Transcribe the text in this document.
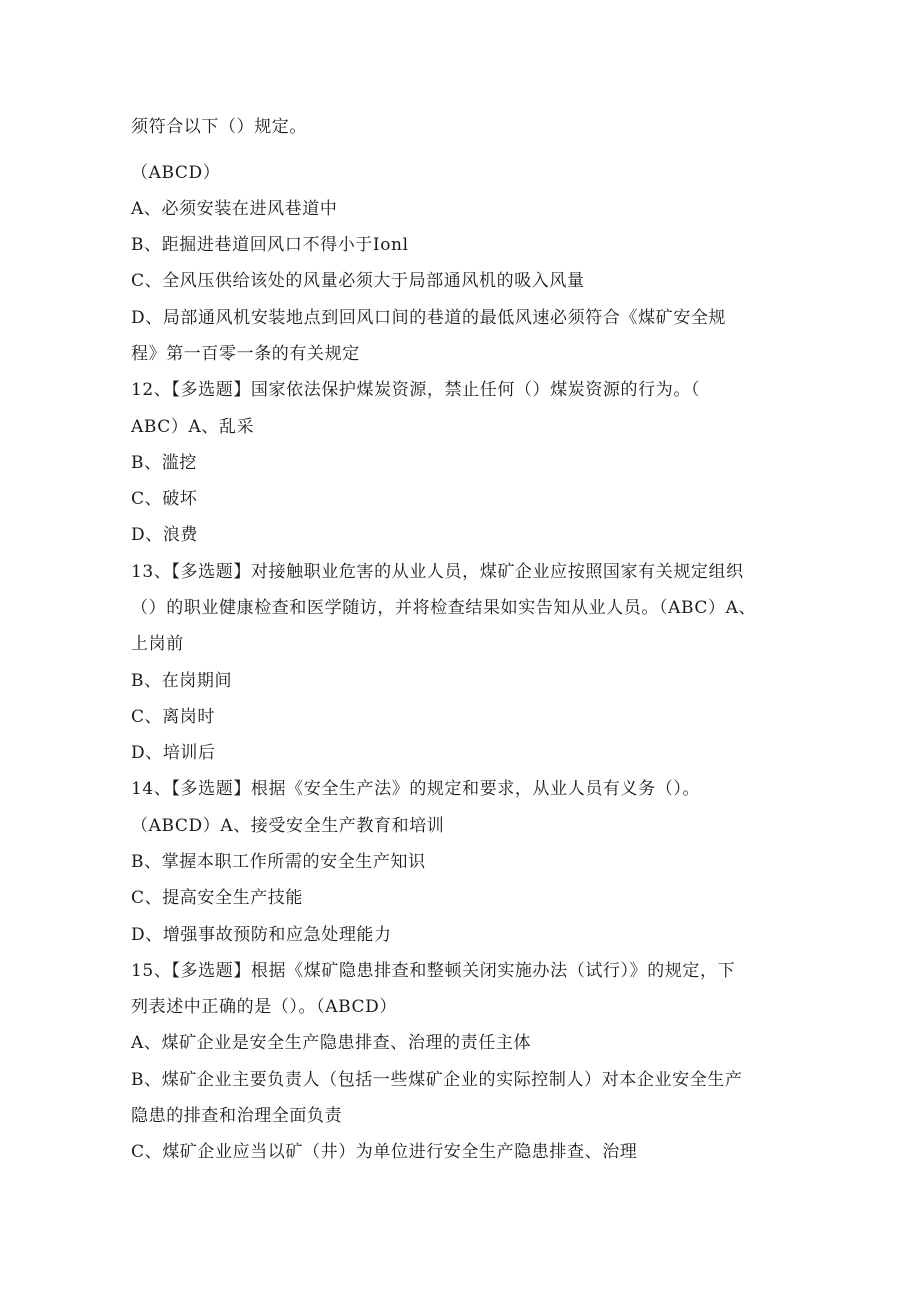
须符合以下（）规定。
（ABCD）
A、必须安装在进风巷道中
B、距掘进巷道回风口不得小于Ionl
C、全风压供给该处的风量必须大于局部通风机的吸入风量
D、局部通风机安装地点到回风口间的巷道的最低风速必须符合《煤矿安全规
程》第一百零一条的有关规定
12、【多选题】国家依法保护煤炭资源，禁止任何（）煤炭资源的行为。（
ABC）A、乱采
B、滥挖
C、破坏
D、浪费
13、【多选题】对接触职业危害的从业人员，煤矿企业应按照国家有关规定组织
（）的职业健康检查和医学随访，并将检查结果如实告知从业人员。（ABC）A、
上岗前
B、在岗期间
C、离岗时
D、培训后
14、【多选题】根据《安全生产法》的规定和要求，从业人员有义务（）。
（ABCD）A、接受安全生产教育和培训
B、掌握本职工作所需的安全生产知识
C、提高安全生产技能
D、增强事故预防和应急处理能力
15、【多选题】根据《煤矿隐患排查和整顿关闭实施办法（试行）》的规定，下
列表述中正确的是（）。（ABCD）
A、煤矿企业是安全生产隐患排查、治理的责任主体
B、煤矿企业主要负责人（包括一些煤矿企业的实际控制人）对本企业安全生产
隐患的排查和治理全面负责
C、煤矿企业应当以矿（井）为单位进行安全生产隐患排查、治理
